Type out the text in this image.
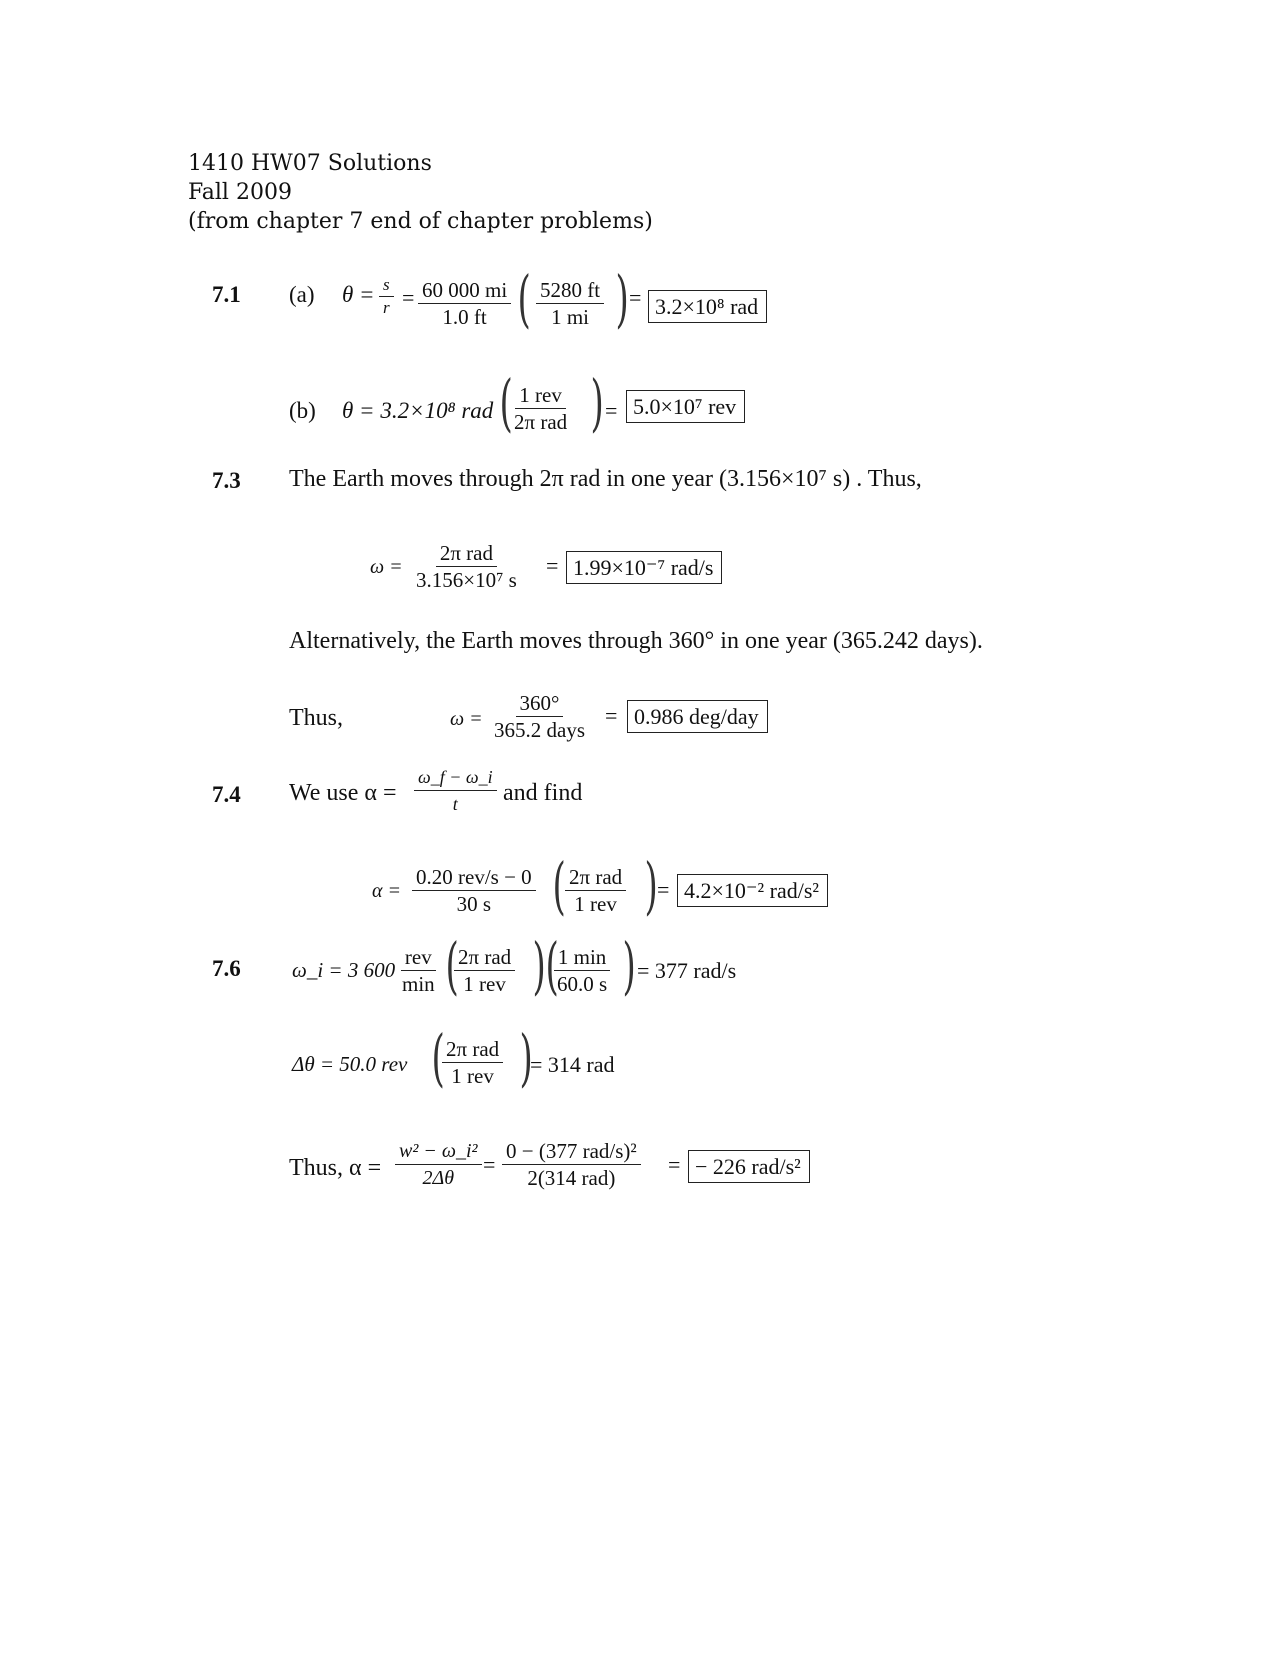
1410 HW07 Solutions
Fall 2009
(from chapter 7 end of chapter problems)
7.1 (a) $\theta = \frac{s}{r} = \frac{60 000 mi}{1.0 ft}$ ( $\frac{5280 ft}{1 mi}$ ) = 3.2×10⁸ rad
(b) θ = 3.2×10⁸ rad ( 1 rev
2π rad ) = 5.0×10⁷ rev
7.3 The Earth moves through 2π rad in one year (3.156×10⁷ s) . Thus,
ω =
2π rad
3.156×10⁷ s
= 1.99×10⁻⁷ rad/s
Alternatively, the Earth moves through 360° in one year (365.242 days).
Thus,	ω =
360°
365.2 days
= 0.986 deg/day
7.4 We use $\alpha = \frac{\omega\_f - \omega\_i}{t}$ and find
α =
0.20 rev/s − 0
30 s ( 2π rad
1 rev ) = 4.2×10⁻² rad/s²
7.6 ω_i = 3 600
rev
min ( 2π rad
1 rev ) ( 1 min
60.0 s ) = 377 rad/s
Δθ = 50.0 rev ( 2π rad
1 rev )
= 314 rad
Thus, $\alpha = \frac{\text{w² − ω\_i²}}{2\Delta\theta}$ =
0 − (377 rad/s)²
2(314 rad)
= − 226 rad/s²
